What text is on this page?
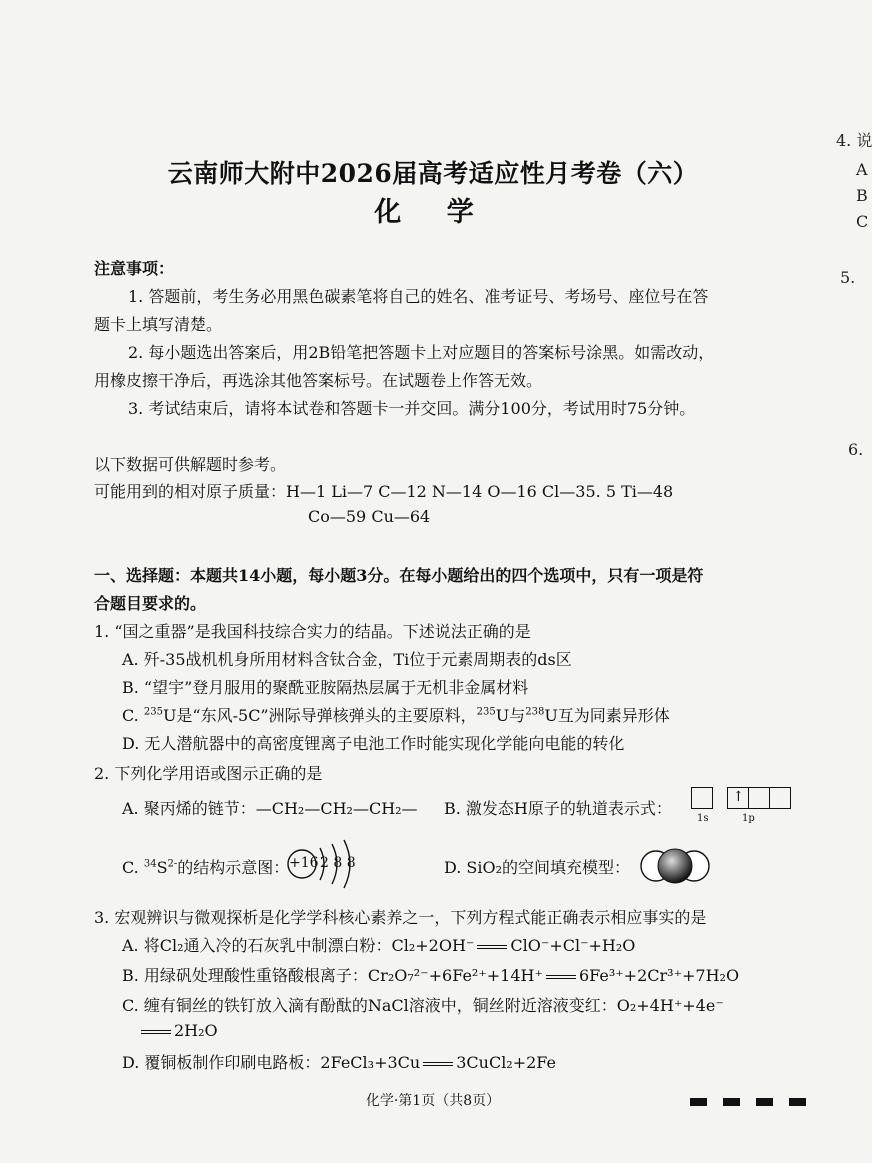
4. 说
A
B
C
5.
6.
云南师大附中2026届高考适应性月考卷（六）
化 学
注意事项：
1. 答题前，考生务必用黑色碳素笔将自己的姓名、准考证号、考场号、座位号在答
题卡上填写清楚。
2. 每小题选出答案后，用2B铅笔把答题卡上对应题目的答案标号涂黑。如需改动，
用橡皮擦干净后，再选涂其他答案标号。在试题卷上作答无效。
3. 考试结束后，请将本试卷和答题卡一并交回。满分100分，考试用时75分钟。
以下数据可供解题时参考。
可能用到的相对原子质量：H—1 Li—7 C—12 N—14 O—16 Cl—35. 5 Ti—48
Co—59 Cu—64
一、选择题：本题共14小题，每小题3分。在每小题给出的四个选项中，只有一项是符
合题目要求的。
1. “国之重器”是我国科技综合实力的结晶。下述说法正确的是
A. 歼-35战机机身所用材料含钛合金，Ti位于元素周期表的ds区
B. “望宇”登月服用的聚酰亚胺隔热层属于无机非金属材料
C. $^{235}$U是“东风-5C”洲际导弹核弹头的主要原料，$^{235}$U与$^{238}$U互为同素异形体
D. 无人潜航器中的高密度锂离子电池工作时能实现化学能向电能的转化
2. 下列化学用语或图示正确的是
A. 聚丙烯的链节：—CH₂—CH₂—CH₂— B. 激发态H原子的轨道表示式：
↑
1s	1p
C. $^{34}S^{2-}$的结构示意图： +16 2 8 8	D. SiO₂的空间填充模型：
3. 宏观辨识与微观探析是化学学科核心素养之一，下列方程式能正确表示相应事实的是
A. 将Cl₂通入冷的石灰乳中制漂白粉：Cl₂+2OH⁻ ClO⁻+Cl⁻+H₂O
B. 用绿矾处理酸性重铬酸根离子：Cr₂O₇²⁻+6Fe²⁺+14H⁺ 6Fe³⁺+2Cr³⁺+7H₂O
C. 缠有铜丝的铁钉放入滴有酚酞的NaCl溶液中，铜丝附近溶液变红：O₂+4H⁺+4e⁻
2H₂O
D. 覆铜板制作印刷电路板：2FeCl₃+3Cu 3CuCl₂+2Fe
化学·第1页（共8页）
